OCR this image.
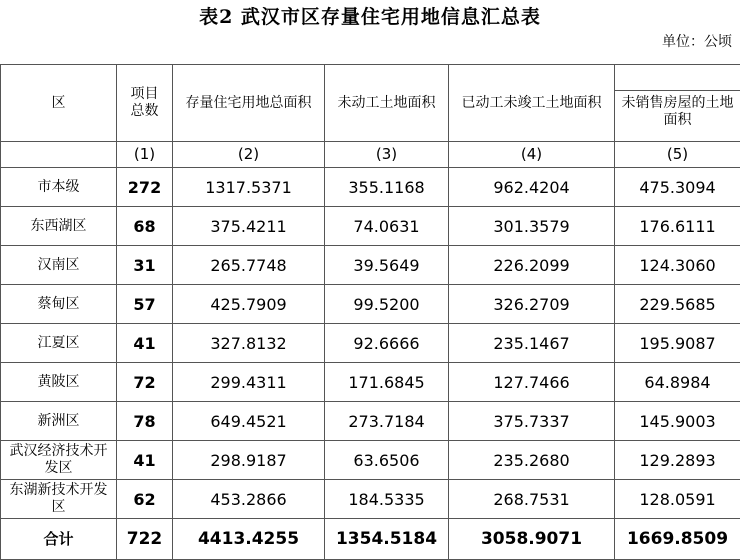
表2 武汉市区存量住宅用地信息汇总表
单位：公顷
区	项目总数	存量住宅用地总面积	未动工土地面积	已动工未竣工土地面积	未销售房屋的土地面积

	(1)	(2)	(3)	(4)	(5)
市本级	272	1317.5371	355.1168	962.4204	475.3094
东西湖区	68	375.4211	74.0631	301.3579	176.6111
汉南区	31	265.7748	39.5649	226.2099	124.3060
蔡甸区	57	425.7909	99.5200	326.2709	229.5685
江夏区	41	327.8132	92.6666	235.1467	195.9087
黄陂区	72	299.4311	171.6845	127.7466	64.8984
新洲区	78	649.4521	273.7184	375.7337	145.9003
武汉经济技术开发区	41	298.9187	63.6506	235.2680	129.2893
东湖新技术开发区	62	453.2866	184.5335	268.7531	128.0591
合计	722	4413.4255	1354.5184	3058.9071	1669.8509
